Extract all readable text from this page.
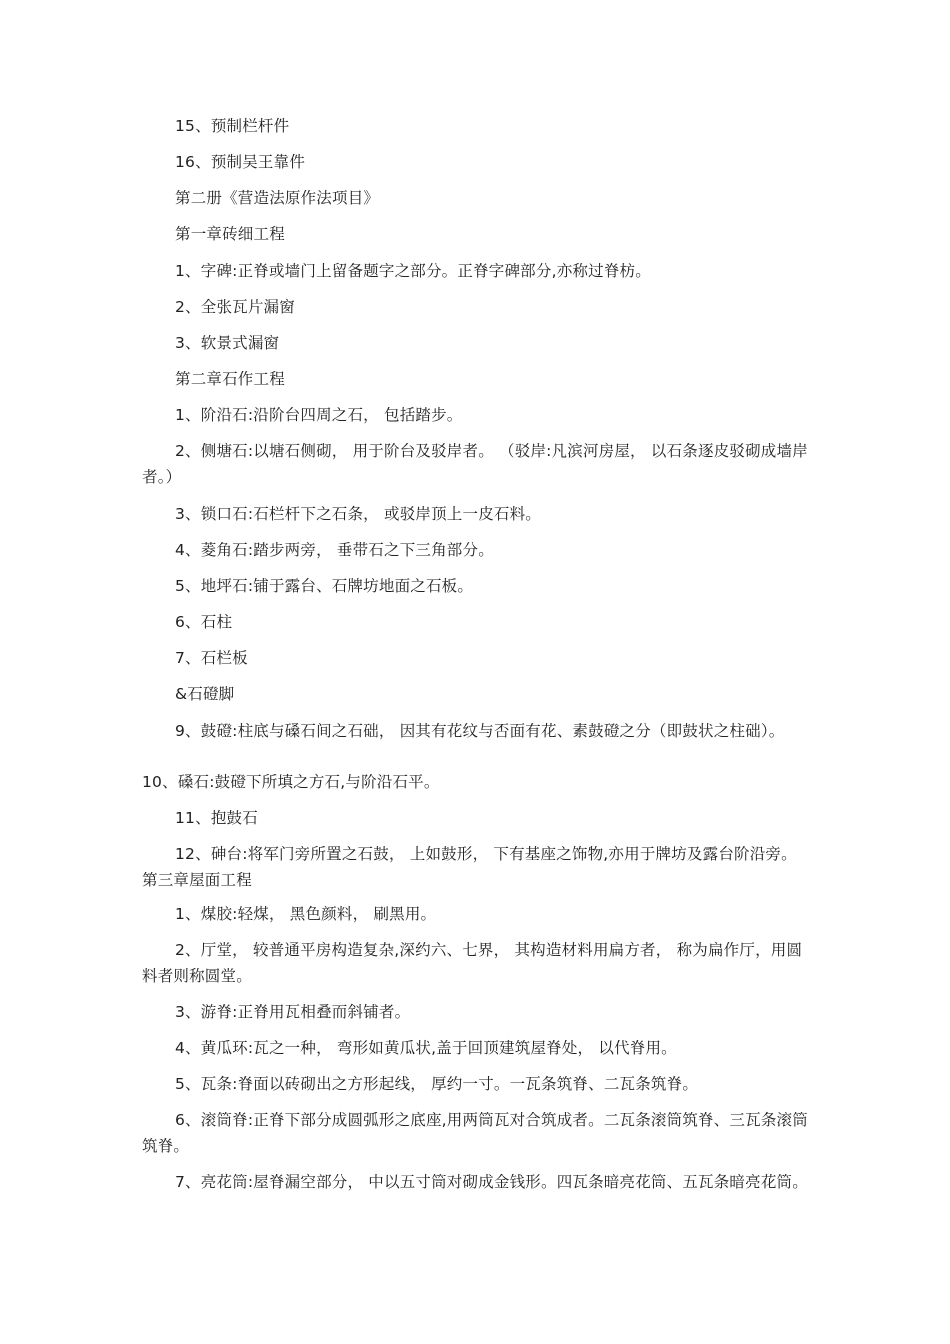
15、预制栏杆件
16、预制吴王靠件
第二册《营造法原作法项目》
第一章砖细工程
1、字碑:正脊或墙门上留备题字之部分。正脊字碑部分,亦称过脊枋。
2、全张瓦片漏窗
3、软景式漏窗
第二章石作工程
1、阶沿石:沿阶台四周之石， 包括踏步。
2、侧塘石:以塘石侧砌， 用于阶台及驳岸者。 （驳岸:凡滨河房屋， 以石条逐皮驳砌成墙岸者。）
3、锁口石:石栏杆下之石条， 或驳岸顶上一皮石料。
4、菱角石:踏步两旁， 垂带石之下三角部分。
5、地坪石:铺于露台、石牌坊地面之石板。
6、石柱
7、石栏板
&石磴脚
9、鼓磴:柱底与磉石间之石础， 因其有花纹与否面有花、素鼓磴之分（即鼓状之柱础）。
10、磉石:鼓磴下所填之方石,与阶沿石平。
11、抱鼓石
12、砷台:将军门旁所置之石鼓， 上如鼓形， 下有基座之饰物,亦用于牌坊及露台阶沿旁。第三章屋面工程
1、煤胶:轻煤， 黑色颜料， 刷黑用。
2、厅堂， 较普通平房构造复杂,深约六、七界， 其构造材料用扁方者， 称为扁作厅，用圆料者则称圆堂。
3、游脊:正脊用瓦相叠而斜铺者。
4、黄瓜环:瓦之一种， 弯形如黄瓜状,盖于回顶建筑屋脊处， 以代脊用。
5、瓦条:脊面以砖砌出之方形起线， 厚约一寸。一瓦条筑脊、二瓦条筑脊。
6、滚筒脊:正脊下部分成圆弧形之底座,用两筒瓦对合筑成者。二瓦条滚筒筑脊、三瓦条滚筒筑脊。
7、亮花筒:屋脊漏空部分， 中以五寸筒对砌成金钱形。四瓦条暗亮花筒、五瓦条暗亮花筒。
